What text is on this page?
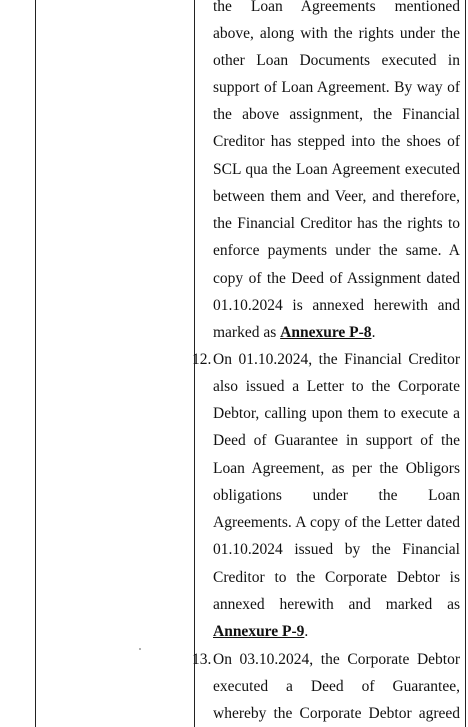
the Loan Agreements mentioned
above, along with the rights under the
other Loan Documents executed in
support of Loan Agreement. By way of
the above assignment, the Financial
Creditor has stepped into the shoes of
SCL qua the Loan Agreement executed
between them and Veer, and therefore,
the Financial Creditor has the rights to
enforce payments under the same. A
copy of the Deed of Assignment dated
01.10.2024 is annexed herewith and
marked as Annexure P-8.
12. On 01.10.2024, the Financial Creditor
also issued a Letter to the Corporate
Debtor, calling upon them to execute a
Deed of Guarantee in support of the
Loan Agreement, as per the Obligors
obligations under the Loan
Agreements. A copy of the Letter dated
01.10.2024 issued by the Financial
Creditor to the Corporate Debtor is
annexed herewith and marked as
Annexure P-9.
13. On 03.10.2024, the Corporate Debtor
executed a Deed of Guarantee,
whereby the Corporate Debtor agreed
